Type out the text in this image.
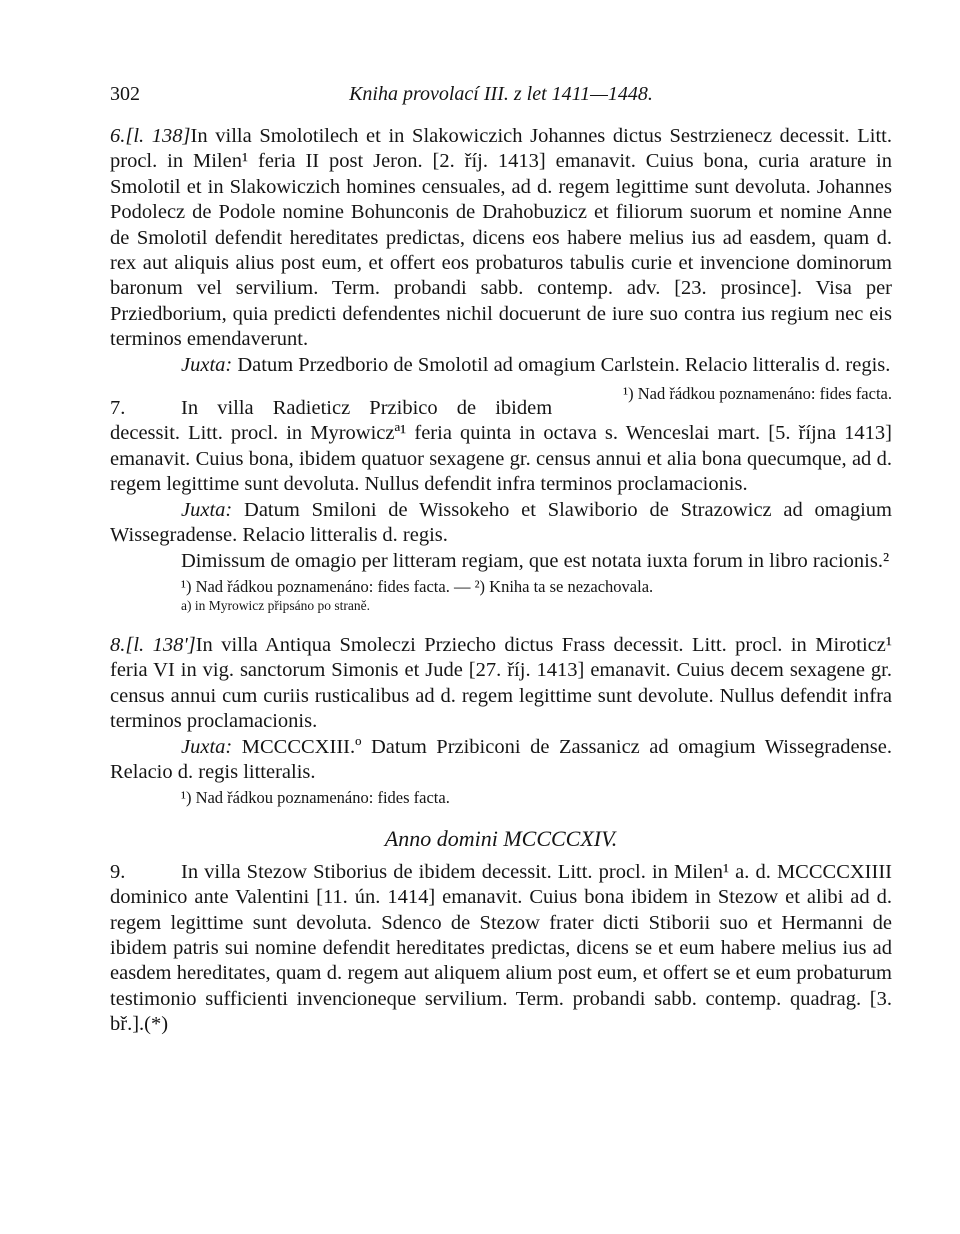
302	Kniha provolací III. z let 1411—1448.

6.[l. 138]In villa Smolotilech et in Slakowiczich Johannes dictus Sestrzienecz decessit. Litt. procl. in Milen¹ feria II post Jeron. [2. říj. 1413] emanavit. Cuius bona, curia arature in Smolotil et in Slakowiczich homines censuales, ad d. regem legittime sunt devoluta. Johannes Podolecz de Podole nomine Bohunconis de Drahobuzicz et filiorum suorum et nomine Anne de Smolotil defendit hereditates predictas, dicens eos habere melius ius ad easdem, quam d. rex aut aliquis alius post eum, et offert eos probaturos tabulis curie et invencione dominorum baronum vel servilium. Term. probandi sabb. contemp. adv. [23. prosince]. Visa per Prziedborium, quia predicti defendentes nichil docuerunt de iure suo contra ius regium nec eis terminos emendaverunt.

Juxta: Datum Przedborio de Smolotil ad omagium Carlstein. Relacio litteralis d. regis.
¹) Nad řádkou poznamenáno: fides facta.

7.	In villa Radieticz Przibico de ibidem decessit. Litt. procl. in Myrowiczª¹ feria quinta in octava s. Wenceslai mart. [5. října 1413] emanavit. Cuius bona, ibidem quatuor sexagene gr. census annui et alia bona quecumque, ad d. regem legittime sunt devoluta. Nullus defendit infra terminos proclamacionis.

Juxta: Datum Smiloni de Wissokeho et Slawiborio de Strazowicz ad omagium Wissegradense. Relacio litteralis d. regis.

Dimissum de omagio per litteram regiam, que est notata iuxta forum in libro racionis.²

¹) Nad řádkou poznamenáno: fides facta. — ²) Kniha ta se nezachovala.
a) in Myrowicz připsáno po straně.

8.[l. 138']In villa Antiqua Smoleczi Prziecho dictus Frass decessit. Litt. procl. in Miroticz¹ feria VI in vig. sanctorum Simonis et Jude [27. říj. 1413] emanavit. Cuius decem sexagene gr. census annui cum curiis rusticalibus ad d. regem legittime sunt devolute. Nullus defendit infra terminos proclamacionis.

Juxta: MCCCCXIII.º Datum Przibiconi de Zassanicz ad omagium Wissegradense. Relacio d. regis litteralis.

¹) Nad řádkou poznamenáno: fides facta.
Anno domini MCCCCXIV.

9.	In villa Stezow Stiborius de ibidem decessit. Litt. procl. in Milen¹ a. d. MCCCCXIIII dominico ante Valentini [11. ún. 1414] emanavit. Cuius bona ibidem in Stezow et alibi ad d. regem legittime sunt devoluta. Sdenco de Stezow frater dicti Stiborii suo et Hermanni de ibidem patris sui nomine defendit hereditates predictas, dicens se et eum habere melius ius ad easdem hereditates, quam d. regem aut aliquem alium post eum, et offert se et eum probaturum testimonio sufficienti invencioneque servilium. Term. probandi sabb. contemp. quadrag. [3. bř.].(*)
